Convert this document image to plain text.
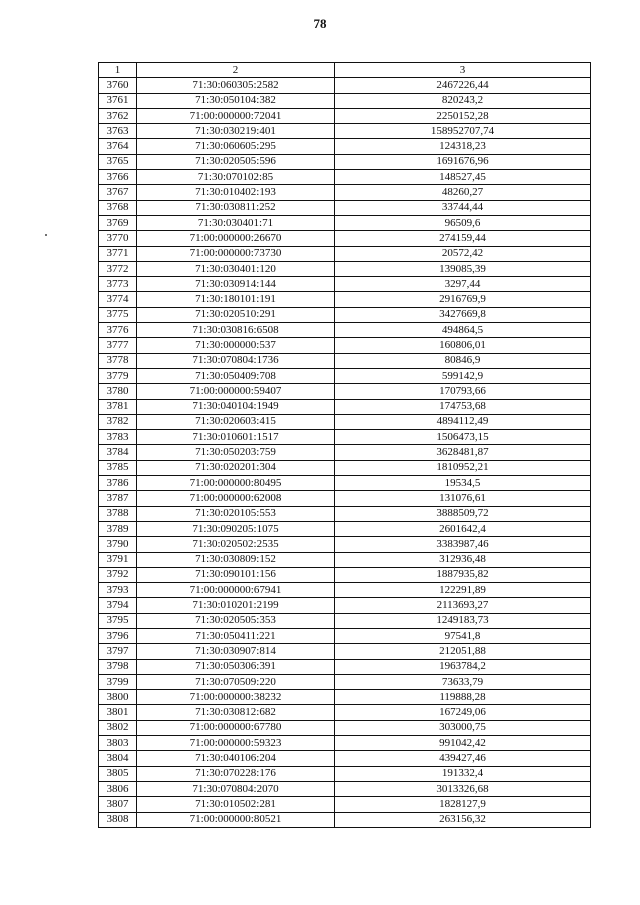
78
1	2	3
3760	71:30:060305:2582	2467226,44
3761	71:30:050104:382	820243,2
3762	71:00:000000:72041	2250152,28
3763	71:30:030219:401	158952707,74
3764	71:30:060605:295	124318,23
3765	71:30:020505:596	1691676,96
3766	71:30:070102:85	148527,45
3767	71:30:010402:193	48260,27
3768	71:30:030811:252	33744,44
3769	71:30:030401:71	96509,6
3770	71:00:000000:26670	274159,44
3771	71:00:000000:73730	20572,42
3772	71:30:030401:120	139085,39
3773	71:30:030914:144	3297,44
3774	71:30:180101:191	2916769,9
3775	71:30:020510:291	3427669,8
3776	71:30:030816:6508	494864,5
3777	71:30:000000:537	160806,01
3778	71:30:070804:1736	80846,9
3779	71:30:050409:708	599142,9
3780	71:00:000000:59407	170793,66
3781	71:30:040104:1949	174753,68
3782	71:30:020603:415	4894112,49
3783	71:30:010601:1517	1506473,15
3784	71:30:050203:759	3628481,87
3785	71:30:020201:304	1810952,21
3786	71:00:000000:80495	19534,5
3787	71:00:000000:62008	131076,61
3788	71:30:020105:553	3888509,72
3789	71:30:090205:1075	2601642,4
3790	71:30:020502:2535	3383987,46
3791	71:30:030809:152	312936,48
3792	71:30:090101:156	1887935,82
3793	71:00:000000:67941	122291,89
3794	71:30:010201:2199	2113693,27
3795	71:30:020505:353	1249183,73
3796	71:30:050411:221	97541,8
3797	71:30:030907:814	212051,88
3798	71:30:050306:391	1963784,2
3799	71:30:070509:220	73633,79
3800	71:00:000000:38232	119888,28
3801	71:30:030812:682	167249,06
3802	71:00:000000:67780	303000,75
3803	71:00:000000:59323	991042,42
3804	71:30:040106:204	439427,46
3805	71:30:070228:176	191332,4
3806	71:30:070804:2070	3013326,68
3807	71:30:010502:281	1828127,9
3808	71:00:000000:80521	263156,32
